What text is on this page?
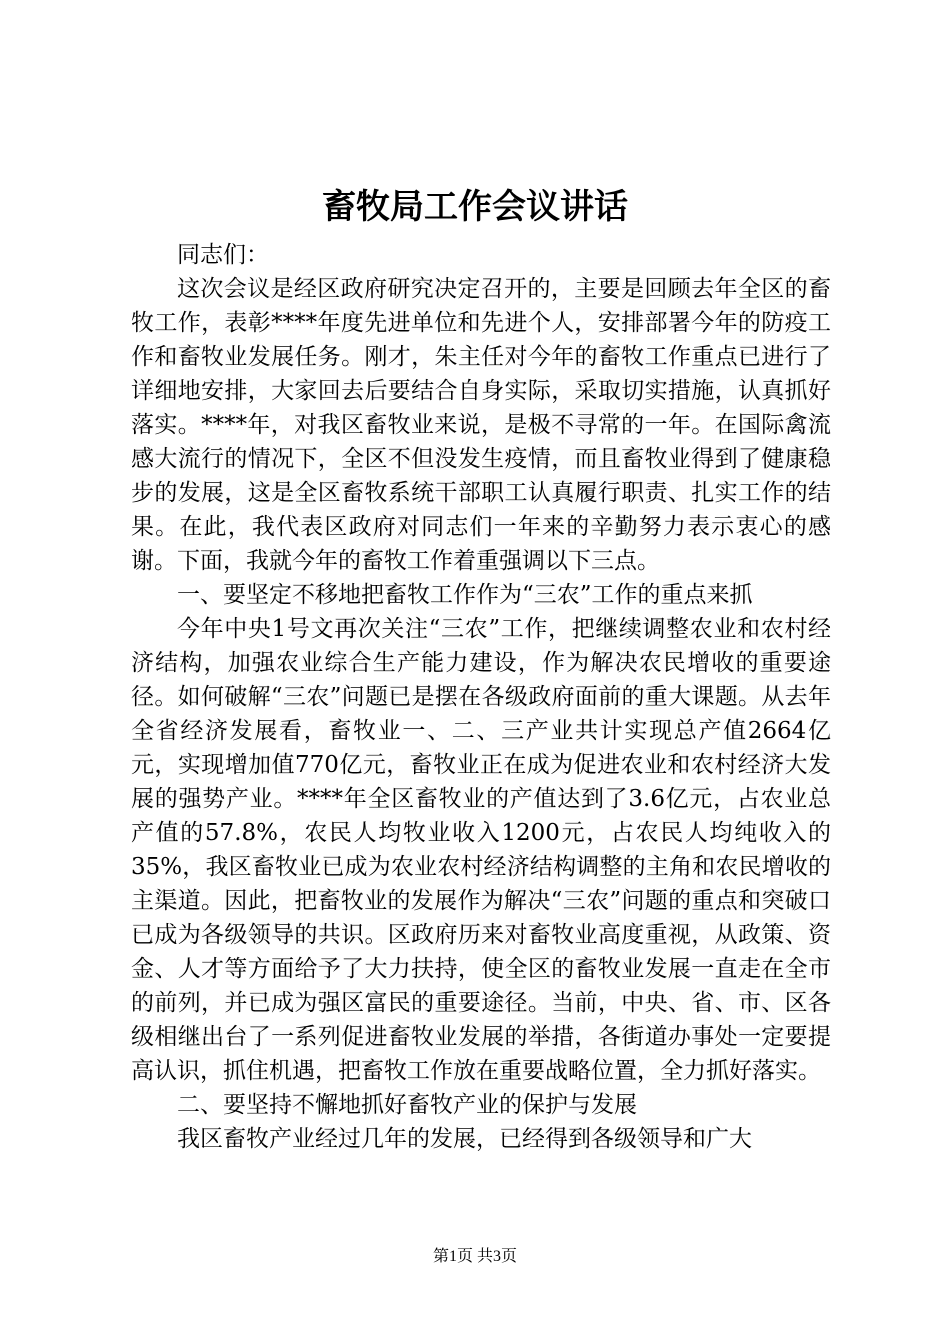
畜牧局工作会议讲话

同志们：

这次会议是经区政府研究决定召开的，主要是回顾去年全区的畜牧工作，表彰****年度先进单位和先进个人，安排部署今年的防疫工作和畜牧业发展任务。刚才，朱主任对今年的畜牧工作重点已进行了详细地安排，大家回去后要结合自身实际，采取切实措施，认真抓好落实。****年，对我区畜牧业来说，是极不寻常的一年。在国际禽流感大流行的情况下，全区不但没发生疫情，而且畜牧业得到了健康稳步的发展，这是全区畜牧系统干部职工认真履行职责、扎实工作的结果。在此，我代表区政府对同志们一年来的辛勤努力表示衷心的感谢。下面，我就今年的畜牧工作着重强调以下三点。

一、要坚定不移地把畜牧工作作为“三农”工作的重点来抓

今年中央1号文再次关注“三农”工作，把继续调整农业和农村经济结构，加强农业综合生产能力建设，作为解决农民增收的重要途径。如何破解“三农”问题已是摆在各级政府面前的重大课题。从去年全省经济发展看，畜牧业一、二、三产业共计实现总产值2664亿元，实现增加值770亿元，畜牧业正在成为促进农业和农村经济大发展的强势产业。****年全区畜牧业的产值达到了3.6亿元，占农业总产值的57.8%，农民人均牧业收入1200元，占农民人均纯收入的35%，我区畜牧业已成为农业农村经济结构调整的主角和农民增收的主渠道。因此，把畜牧业的发展作为解决“三农”问题的重点和突破口已成为各级领导的共识。区政府历来对畜牧业高度重视，从政策、资金、人才等方面给予了大力扶持，使全区的畜牧业发展一直走在全市的前列，并已成为强区富民的重要途径。当前，中央、省、市、区各级相继出台了一系列促进畜牧业发展的举措，各街道办事处一定要提高认识，抓住机遇，把畜牧工作放在重要战略位置，全力抓好落实。

二、要坚持不懈地抓好畜牧产业的保护与发展

我区畜牧产业经过几年的发展，已经得到各级领导和广大

第1页 共3页
